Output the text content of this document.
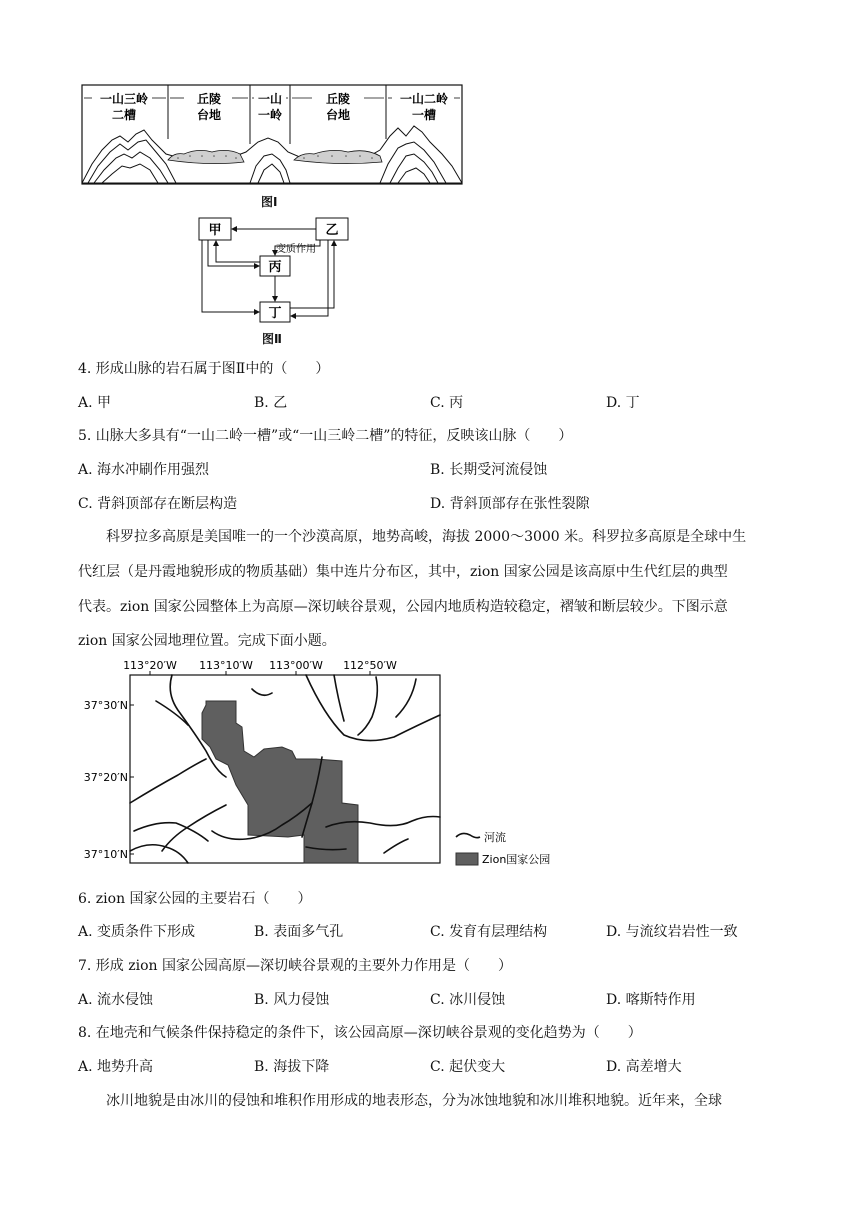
一山三岭
二槽
丘陵
台地
一山
一岭
丘陵
台地
一山二岭
一槽
图Ⅰ
甲	乙
丙
丁
变质作用
图Ⅱ
4. 形成山脉的岩石属于图Ⅱ中的（　　）
A. 甲	B. 乙	C. 丙	D. 丁
5. 山脉大多具有“一山二岭一槽”或“一山三岭二槽”的特征，反映该山脉（　　）
A. 海水冲刷作用强烈	B. 长期受河流侵蚀
C. 背斜顶部存在断层构造	D. 背斜顶部存在张性裂隙
科罗拉多高原是美国唯一的一个沙漠高原，地势高峻，海拔 2000～3000 米。科罗拉多高原是全球中生
代红层（是丹霞地貌形成的物质基础）集中连片分布区，其中，zion 国家公园是该高原中生代红层的典型
代表。zion 国家公园整体上为高原—深切峡谷景观，公园内地质构造较稳定，褶皱和断层较少。下图示意
zion 国家公园地理位置。完成下面小题。
113°20′W 113°10′W 113°00′W 112°50′W
37°30′N
37°20′N
37°10′N
河流
Zion国家公园
6. zion 国家公园的主要岩石（　　）
A. 变质条件下形成	B. 表面多气孔	C. 发育有层理结构	D. 与流纹岩岩性一致
7. 形成 zion 国家公园高原—深切峡谷景观的主要外力作用是（　　）
A. 流水侵蚀	B. 风力侵蚀	C. 冰川侵蚀	D. 喀斯特作用
8. 在地壳和气候条件保持稳定的条件下，该公园高原—深切峡谷景观的变化趋势为（　　）
A. 地势升高	B. 海拔下降	C. 起伏变大	D. 高差增大
冰川地貌是由冰川的侵蚀和堆积作用形成的地表形态，分为冰蚀地貌和冰川堆积地貌。近年来，全球
